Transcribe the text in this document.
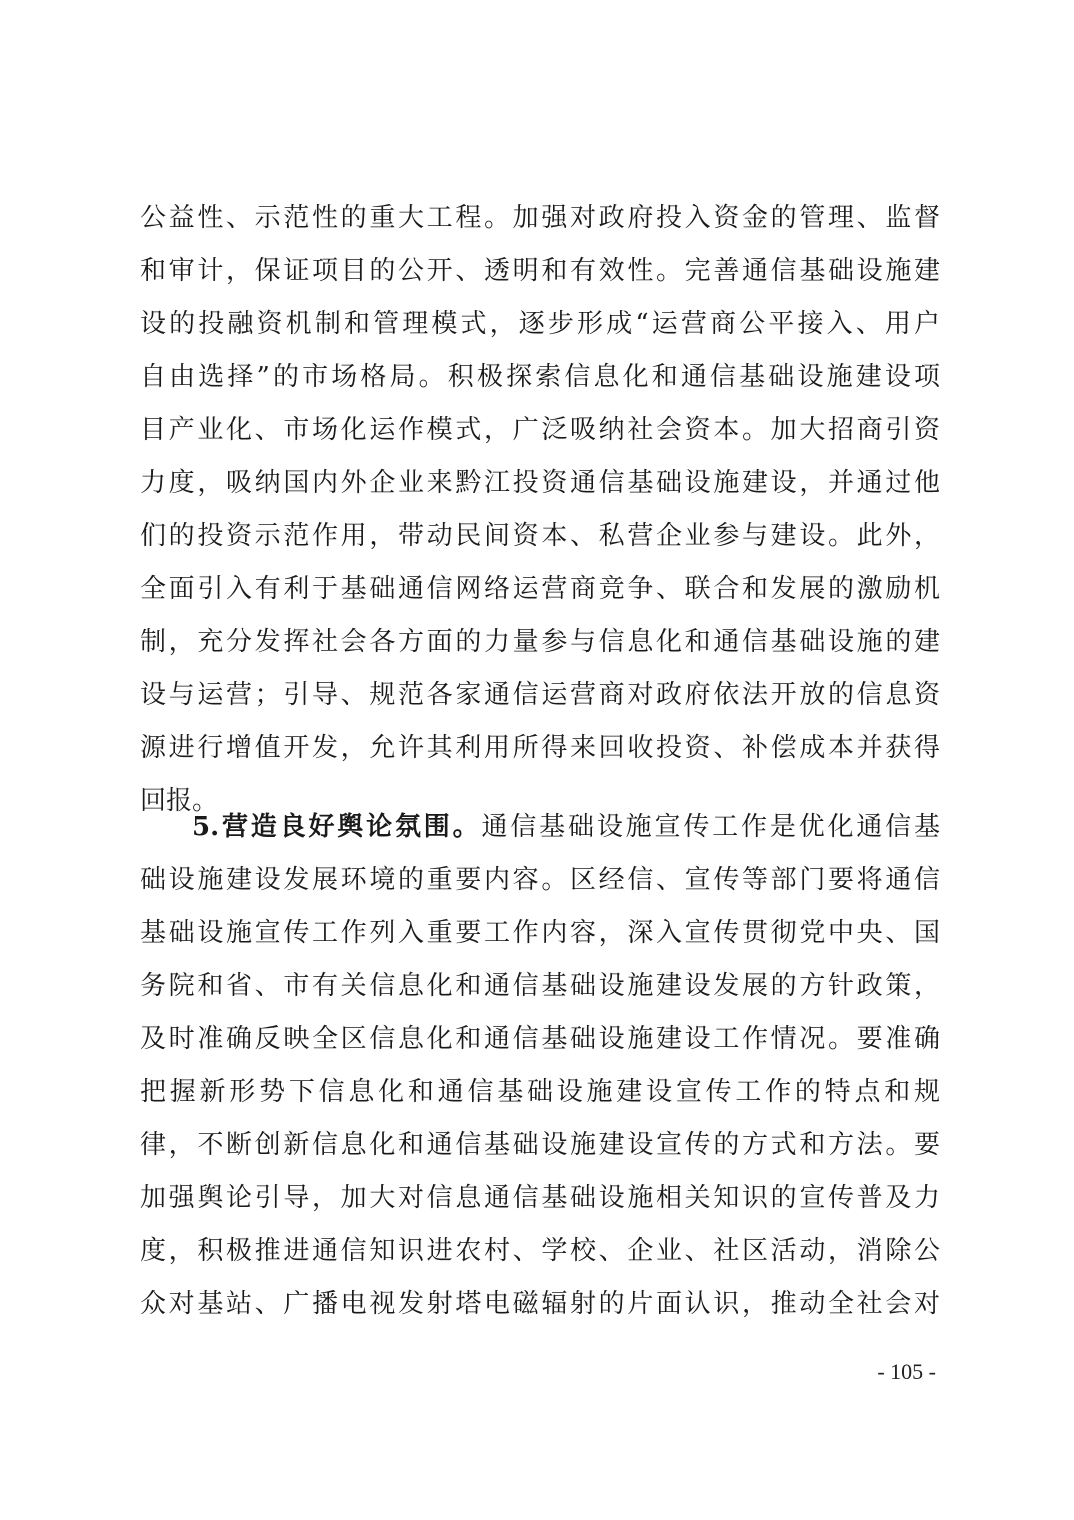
公益性、示范性的重大工程。加强对政府投入资金的管理、监督
和审计，保证项目的公开、透明和有效性。完善通信基础设施建
设的投融资机制和管理模式，逐步形成“运营商公平接入、用户
自由选择”的市场格局。积极探索信息化和通信基础设施建设项
目产业化、市场化运作模式，广泛吸纳社会资本。加大招商引资
力度，吸纳国内外企业来黔江投资通信基础设施建设，并通过他
们的投资示范作用，带动民间资本、私营企业参与建设。此外，
全面引入有利于基础通信网络运营商竞争、联合和发展的激励机
制，充分发挥社会各方面的力量参与信息化和通信基础设施的建
设与运营；引导、规范各家通信运营商对政府依法开放的信息资
源进行增值开发，允许其利用所得来回收投资、补偿成本并获得
回报。
5.营造良好舆论氛围。通信基础设施宣传工作是优化通信基
础设施建设发展环境的重要内容。区经信、宣传等部门要将通信
基础设施宣传工作列入重要工作内容，深入宣传贯彻党中央、国
务院和省、市有关信息化和通信基础设施建设发展的方针政策，
及时准确反映全区信息化和通信基础设施建设工作情况。要准确
把握新形势下信息化和通信基础设施建设宣传工作的特点和规
律，不断创新信息化和通信基础设施建设宣传的方式和方法。要
加强舆论引导，加大对信息通信基础设施相关知识的宣传普及力
度，积极推进通信知识进农村、学校、企业、社区活动，消除公
众对基站、广播电视发射塔电磁辐射的片面认识，推动全社会对
- 105 -
